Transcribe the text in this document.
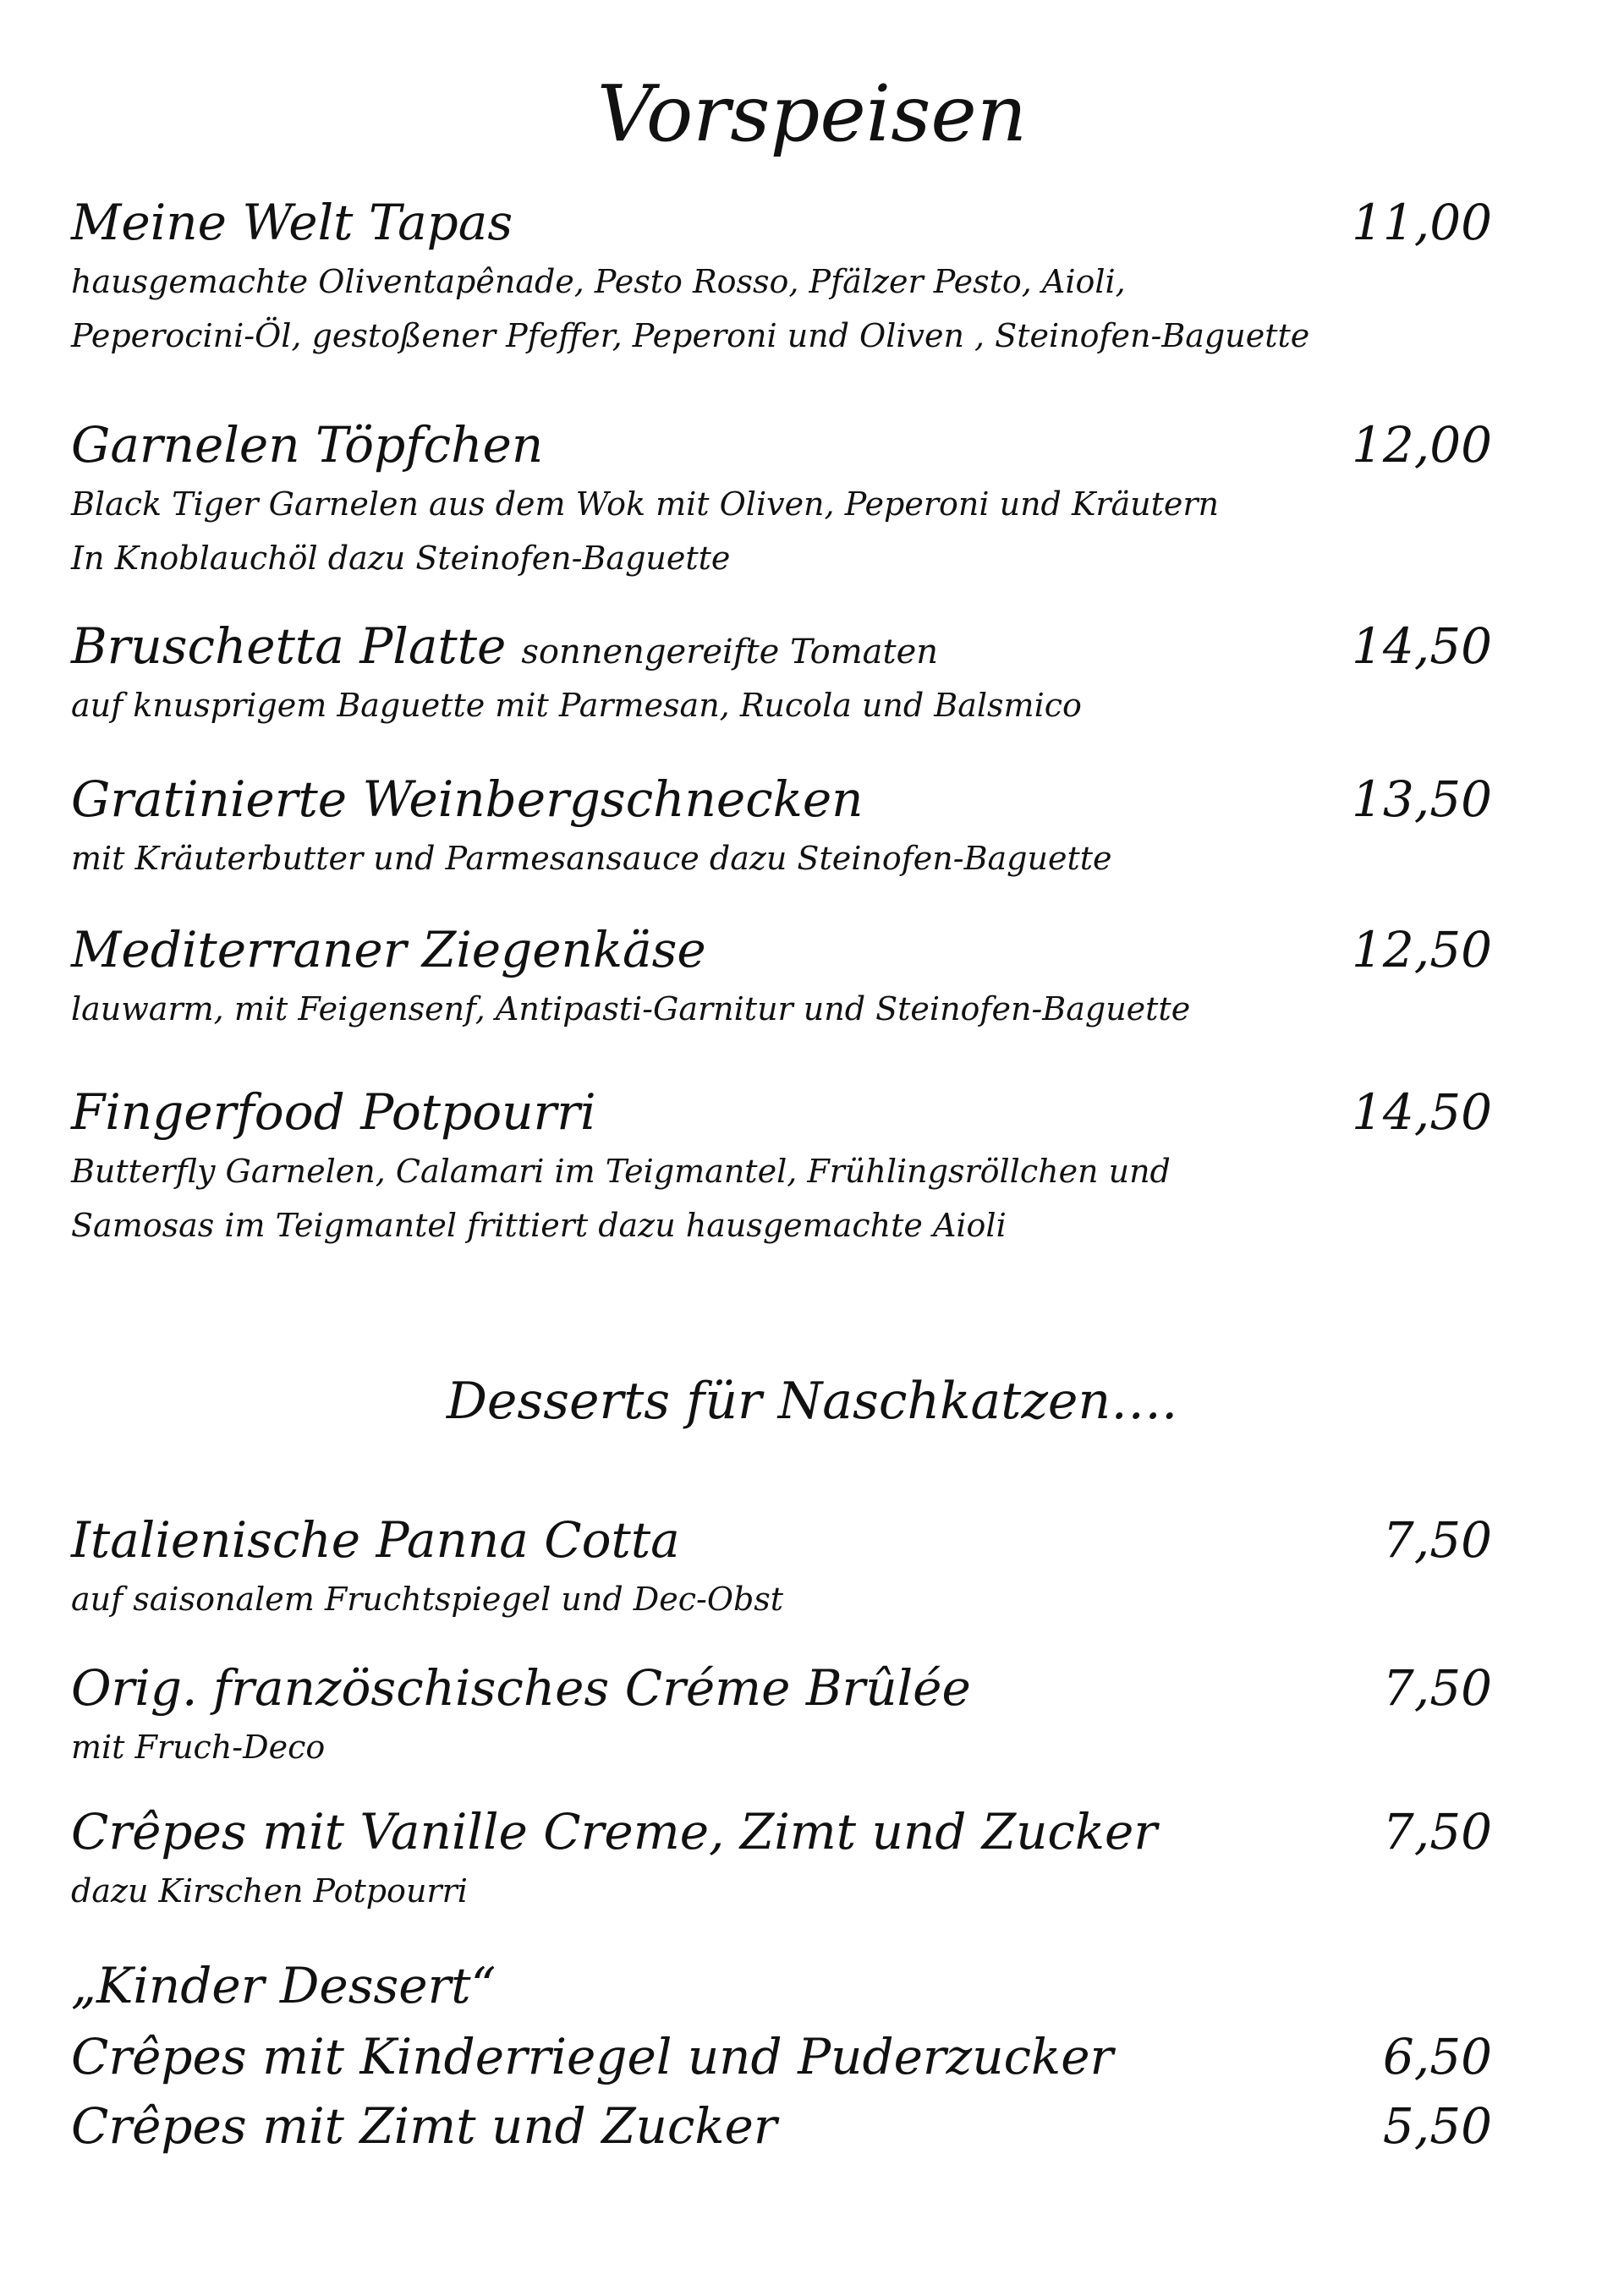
Vorspeisen
Meine Welt Tapas	11,00
hausgemachte Oliventapênade, Pesto Rosso, Pfälzer Pesto, Aioli,
Peperocini-Öl, gestoßener Pfeffer, Peperoni und Oliven , Steinofen-Baguette
Garnelen Töpfchen	12,00
Black Tiger Garnelen aus dem Wok mit Oliven, Peperoni und Kräutern
In Knoblauchöl dazu Steinofen-Baguette
Bruschetta Platte sonnengereifte Tomaten	14,50
auf knusprigem Baguette mit Parmesan, Rucola und Balsmico
Gratinierte Weinbergschnecken	13,50
mit Kräuterbutter und Parmesansauce dazu Steinofen-Baguette
Mediterraner Ziegenkäse	12,50
lauwarm, mit Feigensenf, Antipasti-Garnitur und Steinofen-Baguette
Fingerfood Potpourri	14,50
Butterfly Garnelen, Calamari im Teigmantel, Frühlingsröllchen und
Samosas im Teigmantel frittiert dazu hausgemachte Aioli
Desserts für Naschkatzen….
Italienische Panna Cotta	7,50
auf saisonalem Fruchtspiegel und Dec-Obst
Orig. französchisches Créme Brûlée	7,50
mit Fruch-Deco
Crêpes mit Vanille Creme, Zimt und Zucker	7,50
dazu Kirschen Potpourri
„Kinder Dessert“
Crêpes mit Kinderriegel und Puderzucker	6,50
Crêpes mit Zimt und Zucker	5,50
